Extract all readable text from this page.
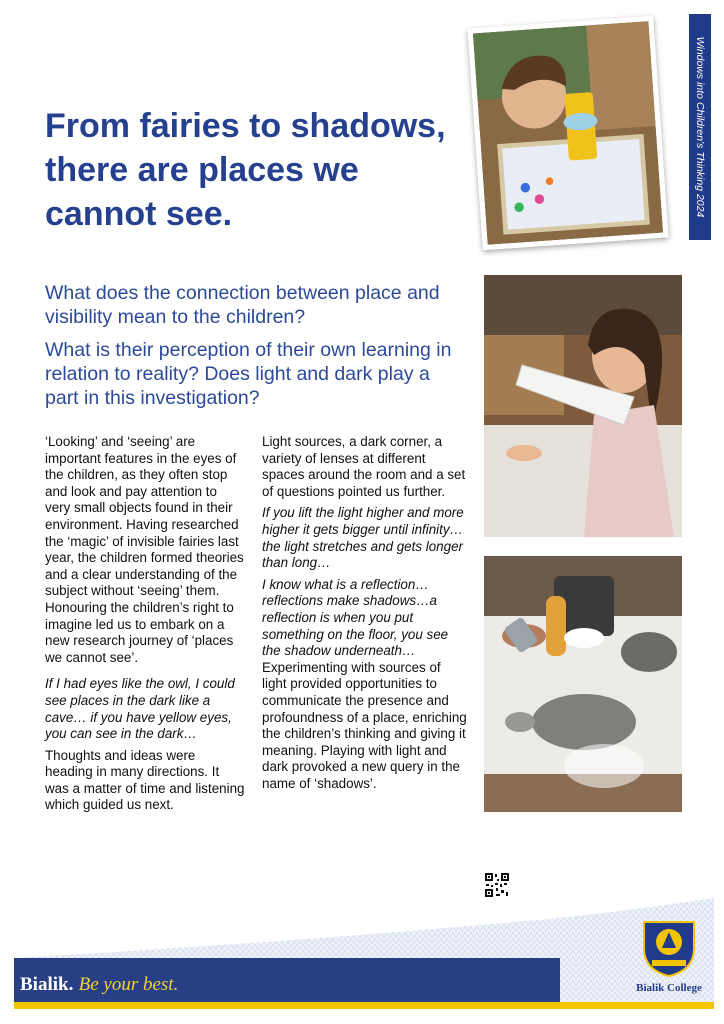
Windows into Children’s Thinking 2024
From fairies to shadows, there are places we cannot see.

What does the connection between place and visibility mean to the children?

What is their perception of their own learning in relation to reality? Does light and dark play a part in this investigation?

‘Looking’ and ‘seeing’ are important features in the eyes of the children, as they often stop and look and pay attention to very small objects found in their environment. Having researched the ‘magic’ of invisible fairies last year, the children formed theories and a clear understanding of the subject without ‘seeing’ them. Honouring the children’s right to imagine led us to embark on a new research journey of ‘places we cannot see’.

If I had eyes like the owl, I could see places in the dark like a cave… if you have yellow eyes, you can see in the dark…

Thoughts and ideas were heading in many directions. It was a matter of time and listening which guided us next.

Light sources, a dark corner, a variety of lenses at different spaces around the room and a set of questions pointed us further.

If you lift the light higher and more higher it gets bigger until infinity… the light stretches and gets longer than long…

I know what is a reflection…reflections make shadows…a reflection is when you put something on the floor, you see the shadow underneath…

Experimenting with sources of light provided opportunities to communicate the presence and profoundness of a place, enriching the children’s thinking and giving it meaning. Playing with light and dark provoked a new query in the name of ‘shadows’.

Bialik. Be your best.	Bialik College
